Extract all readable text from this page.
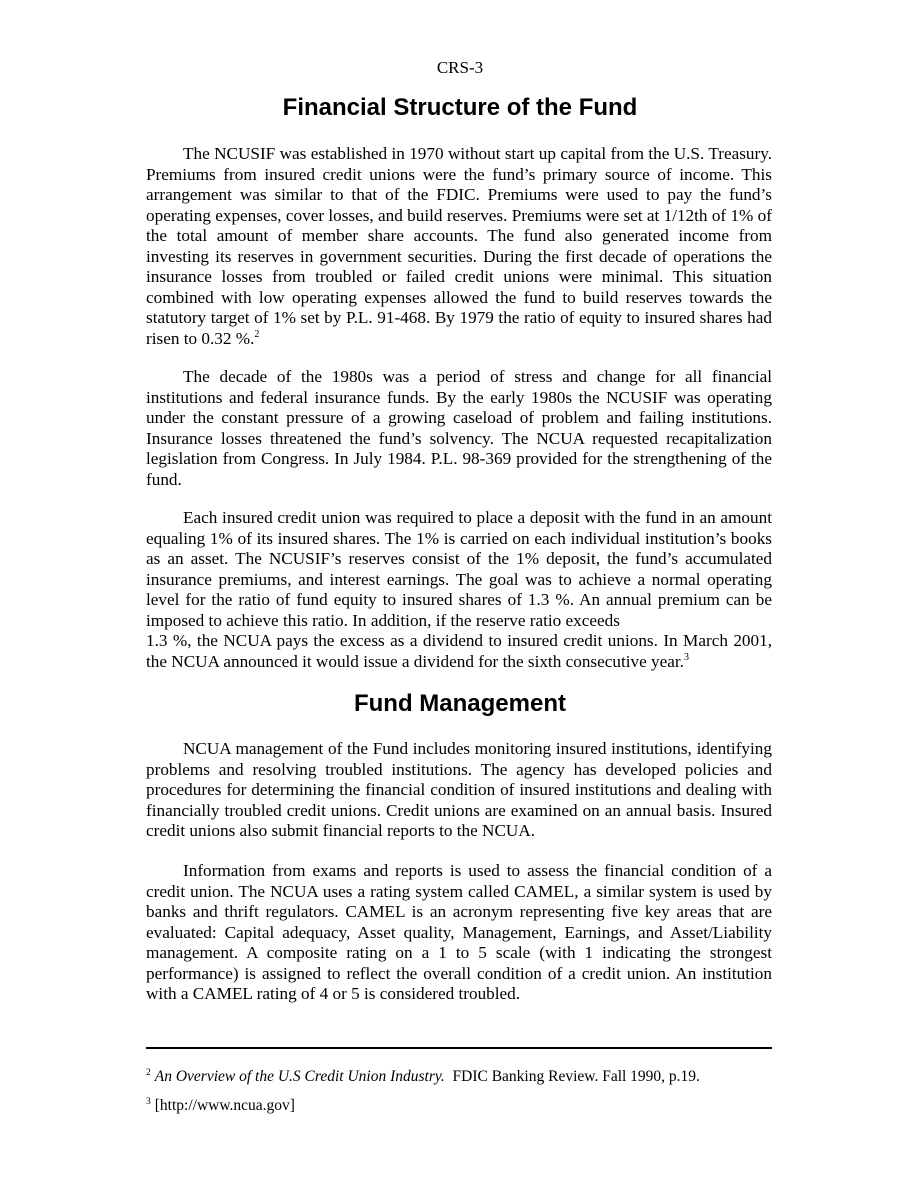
CRS-3
Financial Structure of the Fund

The NCUSIF was established in 1970 without start up capital from the U.S. Treasury. Premiums from insured credit unions were the fund’s primary source of income. This arrangement was similar to that of the FDIC. Premiums were used to pay the fund’s operating expenses, cover losses, and build reserves. Premiums were set at 1/12th of 1% of the total amount of member share accounts. The fund also generated income from investing its reserves in government securities. During the first decade of operations the insurance losses from troubled or failed credit unions were minimal. This situation combined with low operating expenses allowed the fund to build reserves towards the statutory target of 1% set by P.L. 91-468. By 1979 the ratio of equity to insured shares had risen to 0.32 %.$^2$

The decade of the 1980s was a period of stress and change for all financial institutions and federal insurance funds. By the early 1980s the NCUSIF was operating under the constant pressure of a growing caseload of problem and failing institutions. Insurance losses threatened the fund’s solvency. The NCUA requested recapitalization legislation from Congress. In July 1984. P.L. 98-369 provided for the strengthening of the fund.

Each insured credit union was required to place a deposit with the fund in an amount equaling 1% of its insured shares. The 1% is carried on each individual institution’s books as an asset. The NCUSIF’s reserves consist of the 1% deposit, the fund’s accumulated insurance premiums, and interest earnings. The goal was to achieve a normal operating level for the ratio of fund equity to insured shares of 1.3 %. An annual premium can be imposed to achieve this ratio. In addition, if the reserve ratio exceeds
1.3 %, the NCUA pays the excess as a dividend to insured credit unions. In March 2001, the NCUA announced it would issue a dividend for the sixth consecutive year.$^3$

Fund Management

NCUA management of the Fund includes monitoring insured institutions, identifying problems and resolving troubled institutions. The agency has developed policies and procedures for determining the financial condition of insured institutions and dealing with financially troubled credit unions. Credit unions are examined on an annual basis. Insured credit unions also submit financial reports to the NCUA.

Information from exams and reports is used to assess the financial condition of a credit union. The NCUA uses a rating system called CAMEL, a similar system is used by banks and thrift regulators. CAMEL is an acronym representing five key areas that are evaluated: Capital adequacy, Asset quality, Management, Earnings, and Asset/Liability management. A composite rating on a 1 to 5 scale (with 1 indicating the strongest performance) is assigned to reflect the overall condition of a credit union. An institution with a CAMEL rating of 4 or 5 is considered troubled.

$^2$ An Overview of the U.S Credit Union Industry. FDIC Banking Review. Fall 1990, p.19.

$^3$ [http://www.ncua.gov]
